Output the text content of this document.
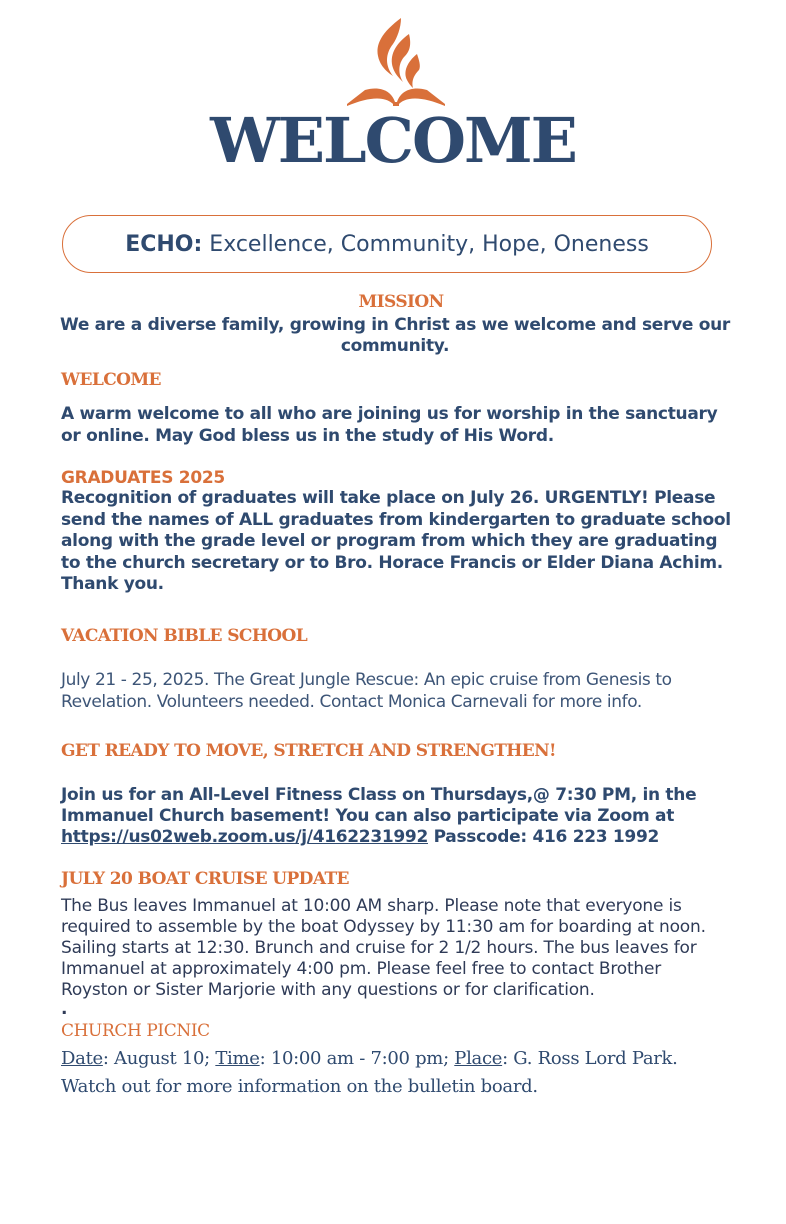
WELCOME
ECHO: Excellence, Community, Hope, Oneness

MISSION

We are a diverse family, growing in Christ as we welcome and serve our community.

WELCOME

A warm welcome to all who are joining us for worship in the sanctuary or online. May God bless us in the study of His Word.

GRADUATES 2025

Recognition of graduates will take place on July 26. URGENTLY! Please send the names of ALL graduates from kindergarten to graduate school along with the grade level or program from which they are graduating to the church secretary or to Bro. Horace Francis or Elder Diana Achim. Thank you.

VACATION BIBLE SCHOOL

July 21 - 25, 2025. The Great Jungle Rescue: An epic cruise from Genesis to Revelation. Volunteers needed. Contact Monica Carnevali for more info.

GET READY TO MOVE, STRETCH AND STRENGTHEN!

Join us for an All-Level Fitness Class on Thursdays,@ 7:30 PM, in the Immanuel Church basement! You can also participate via Zoom at https://us02web.zoom.us/j/4162231992 Passcode: 416 223 1992

JULY 20 BOAT CRUISE UPDATE

The Bus leaves Immanuel at 10:00 AM sharp. Please note that everyone is required to assemble by the boat Odyssey by 11:30 am for boarding at noon. Sailing starts at 12:30. Brunch and cruise for 2 1/2 hours. The bus leaves for Immanuel at approximately 4:00 pm. Please feel free to contact Brother Royston or Sister Marjorie with any questions or for clarification.

.

CHURCH PICNIC

Date: August 10; Time: 10:00 am - 7:00 pm; Place: G. Ross Lord Park.

Watch out for more information on the bulletin board.
